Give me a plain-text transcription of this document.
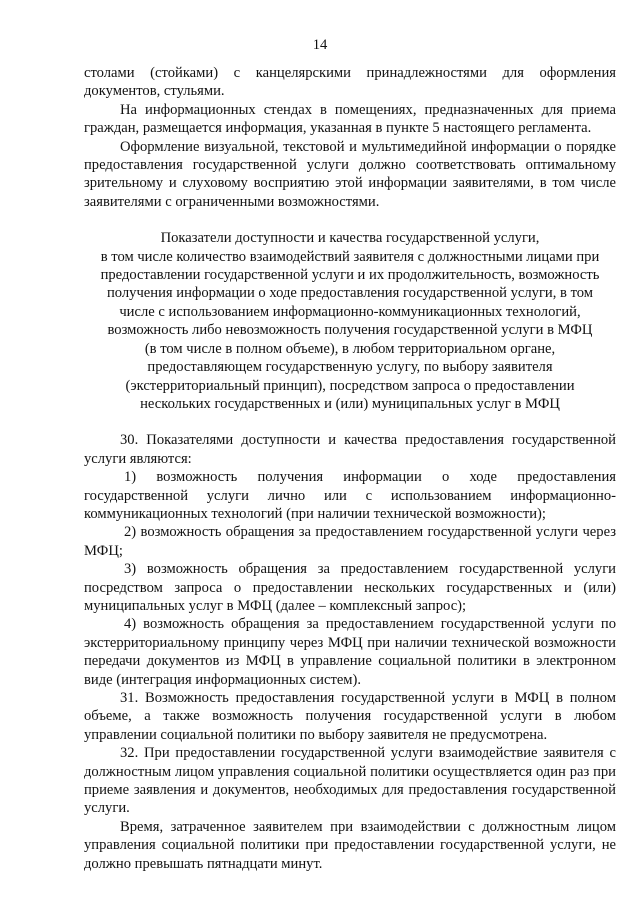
14

столами (стойками) с канцелярскими принадлежностями для оформления документов, стульями.

На информационных стендах в помещениях, предназначенных для приема граждан, размещается информация, указанная в пункте 5 настоящего регламента.

Оформление визуальной, текстовой и мультимедийной информации о порядке предоставления государственной услуги должно соответствовать оптимальному зрительному и слуховому восприятию этой информации заявителями, в том числе заявителями с ограниченными возможностями.

Показатели доступности и качества государственной услуги,

в том числе количество взаимодействий заявителя с должностными лицами при

предоставлении государственной услуги и их продолжительность, возможность

получения информации о ходе предоставления государственной услуги, в том

числе с использованием информационно-коммуникационных технологий,

возможность либо невозможность получения государственной услуги в МФЦ

(в том числе в полном объеме), в любом территориальном органе,

предоставляющем государственную услугу, по выбору заявителя

(экстерриториальный принцип), посредством запроса о предоставлении

нескольких государственных и (или) муниципальных услуг в МФЦ

30. Показателями доступности и качества предоставления государственной услуги являются:

1) возможность получения информации о ходе предоставления государственной услуги лично или с использованием информационно-коммуникационных технологий (при наличии технической возможности);

2) возможность обращения за предоставлением государственной услуги через МФЦ;

3) возможность обращения за предоставлением государственной услуги посредством запроса о предоставлении нескольких государственных и (или) муниципальных услуг в МФЦ (далее – комплексный запрос);

4) возможность обращения за предоставлением государственной услуги по экстерриториальному принципу через МФЦ при наличии технической возможности передачи документов из МФЦ в управление социальной политики в электронном виде (интеграция информационных систем).

31. Возможность предоставления государственной услуги в МФЦ в полном объеме, а также возможность получения государственной услуги в любом управлении социальной политики по выбору заявителя не предусмотрена.

32. При предоставлении государственной услуги взаимодействие заявителя с должностным лицом управления социальной политики осуществляется один раз при приеме заявления и документов, необходимых для предоставления государственной услуги.

Время, затраченное заявителем при взаимодействии с должностным лицом управления социальной политики при предоставлении государственной услуги, не должно превышать пятнадцати минут.
